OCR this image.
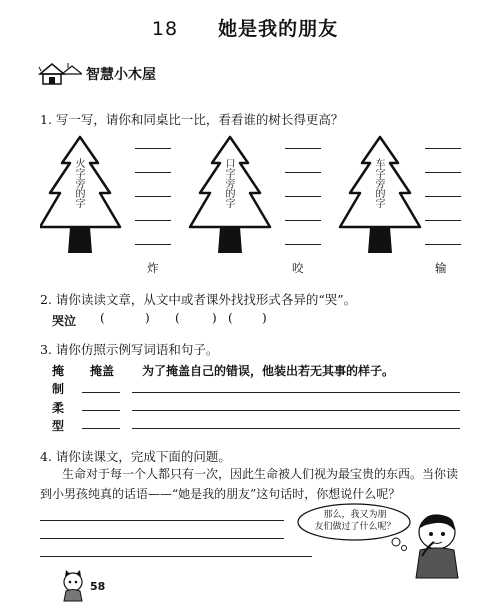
18 她是我的朋友
智慧小木屋
1. 写一写，请你和同桌比一比，看看谁的树长得更高？
火字旁的字	口字旁的字	车字旁的字
炸	咬	输
2. 请你读读文章，从文中或者课外找找形式各异的“哭”。
哭泣 (	) (	) ( )
3. 请你仿照示例写词语和句子。
掩 掩盖 为了掩盖自己的错误，他装出若无其事的样子。
制
柔
型
4. 请你读课文，完成下面的问题。
生命对于每一个人都只有一次，因此生命被人们视为最宝贵的东西。当你读
到小男孩纯真的话语——“她是我的朋友”这句话时，你想说什么呢？
那么，我又为朋
友们做过了什么呢？
58
